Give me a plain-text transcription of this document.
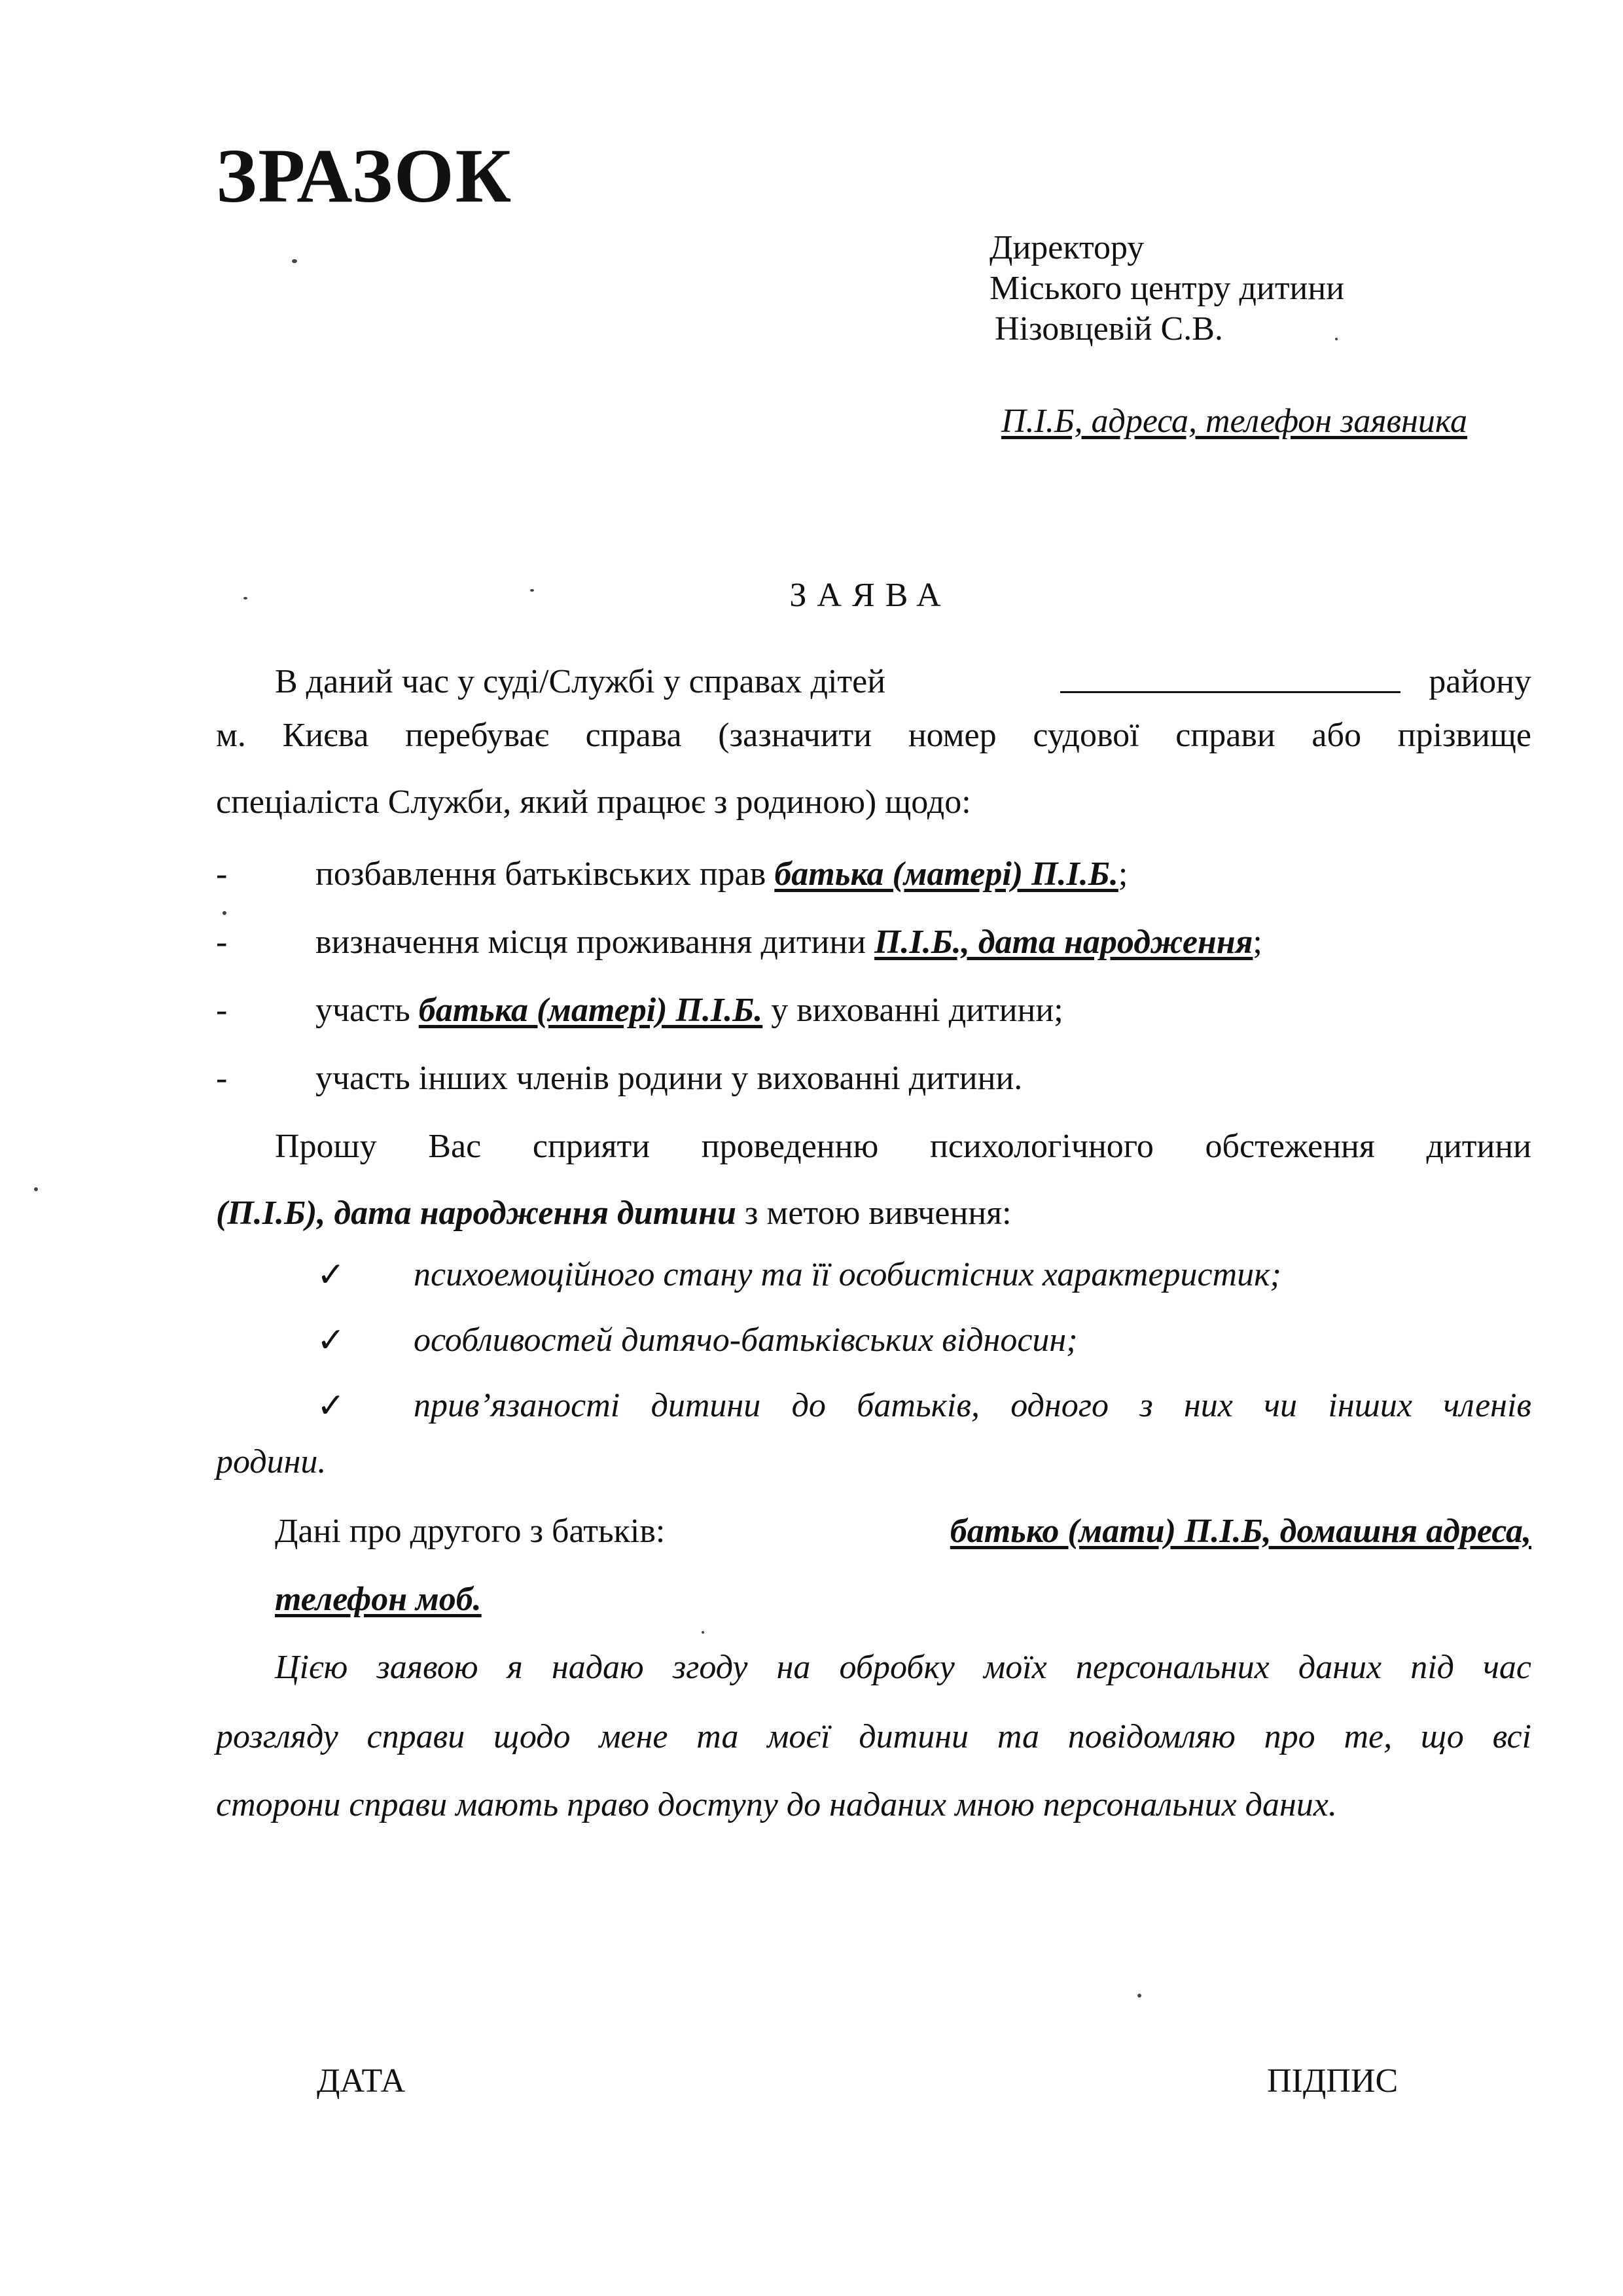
ЗРАЗОК
Директору
Міського центру дитини
Нізовцевій С.В.
П.І.Б, адреса, телефон заявника
ЗАЯВА
В даний час у суді/Службі у справах дітей	району
м. Києва перебуває справа (зазначити номер судової справи або прізвище
спеціаліста Служби, який працює з родиною) щодо:
-	позбавлення батьківських прав батька (матері) П.І.Б.;
-	визначення місця проживання дитини П.І.Б., дата народження;
-	участь батька (матері) П.І.Б. у вихованні дитини;
-	участь інших членів родини у вихованні дитини.
Прошу Вас сприяти проведенню психологічного обстеження дитини
(П.І.Б), дата народження дитини з метою вивчення:
✓ психоемоційного стану та її особистісних характеристик;
✓ особливостей дитячо-батьківських відносин;
✓ прив’язаності дитини до батьків, одного з них чи інших членів
родини.
Дані про другого з батьків:	батько (мати) П.І.Б, домашня адреса,
телефон моб.
Цією заявою я надаю згоду на обробку моїх персональних даних під час
розгляду справи щодо мене та моєї дитини та повідомляю про те, що всі
сторони справи мають право доступу до наданих мною персональних даних.
ДАТА	ПІДПИС
